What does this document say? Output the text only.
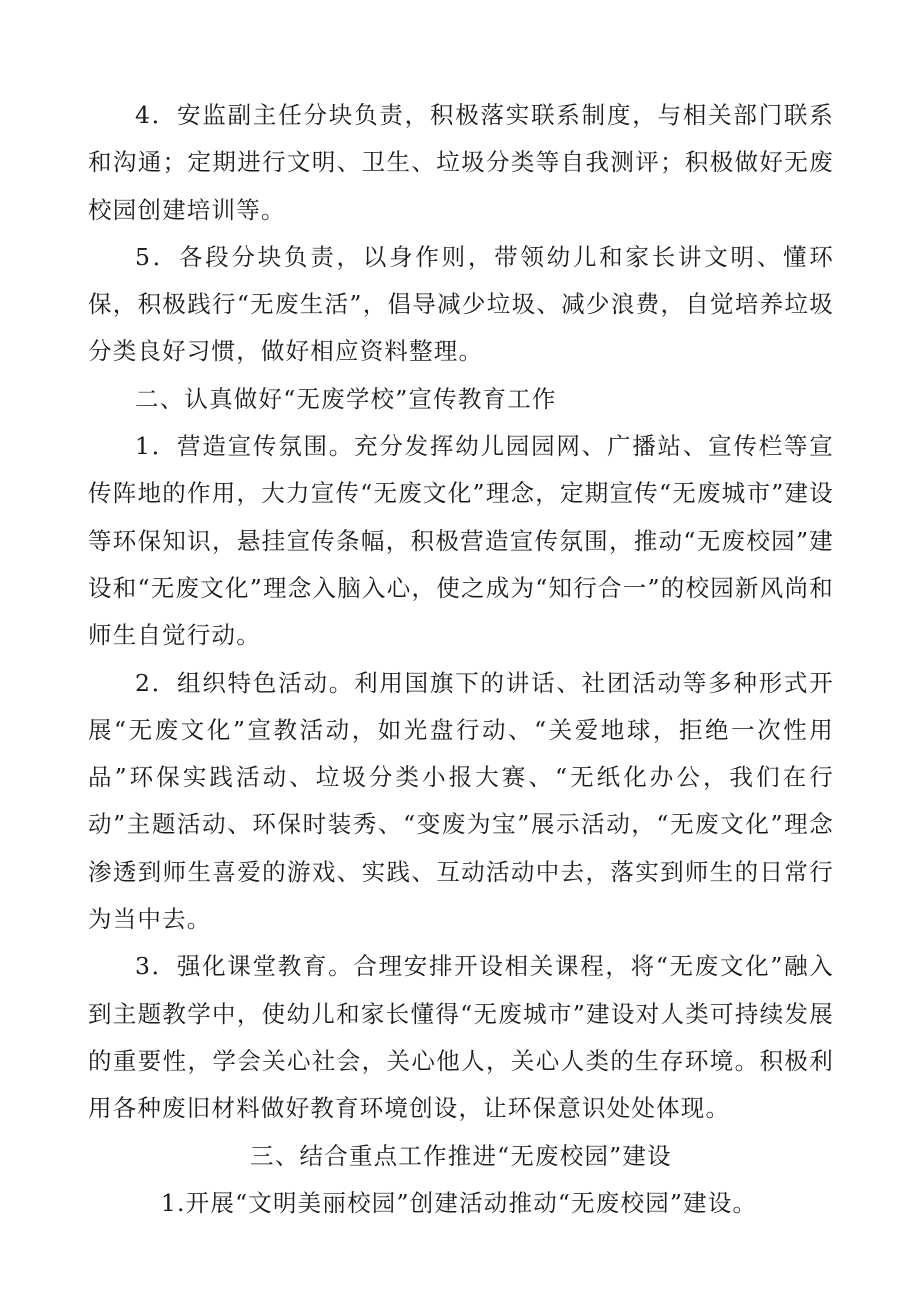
4．安监副主任分块负责，积极落实联系制度，与相关部门联系和沟通；定期进行文明、卫生、垃圾分类等自我测评；积极做好无废校园创建培训等。

5．各段分块负责，以身作则，带领幼儿和家长讲文明、懂环保，积极践行“无废生活”，倡导减少垃圾、减少浪费，自觉培养垃圾分类良好习惯，做好相应资料整理。

二、认真做好“无废学校”宣传教育工作

1．营造宣传氛围。充分发挥幼儿园园网、广播站、宣传栏等宣传阵地的作用，大力宣传“无废文化”理念，定期宣传“无废城市”建设等环保知识，悬挂宣传条幅，积极营造宣传氛围，推动“无废校园”建设和“无废文化”理念入脑入心，使之成为“知行合一”的校园新风尚和师生自觉行动。

2．组织特色活动。利用国旗下的讲话、社团活动等多种形式开展“无废文化”宣教活动，如光盘行动、“关爱地球，拒绝一次性用品”环保实践活动、垃圾分类小报大赛、“无纸化办公，我们在行动”主题活动、环保时装秀、“变废为宝”展示活动，“无废文化”理念渗透到师生喜爱的游戏、实践、互动活动中去，落实到师生的日常行为当中去。

3．强化课堂教育。合理安排开设相关课程，将“无废文化”融入到主题教学中，使幼儿和家长懂得“无废城市”建设对人类可持续发展的重要性，学会关心社会，关心他人，关心人类的生存环境。积极利用各种废旧材料做好教育环境创设，让环保意识处处体现。

三、结合重点工作推进“无废校园”建设

1.开展“文明美丽校园”创建活动推动“无废校园”建设。
